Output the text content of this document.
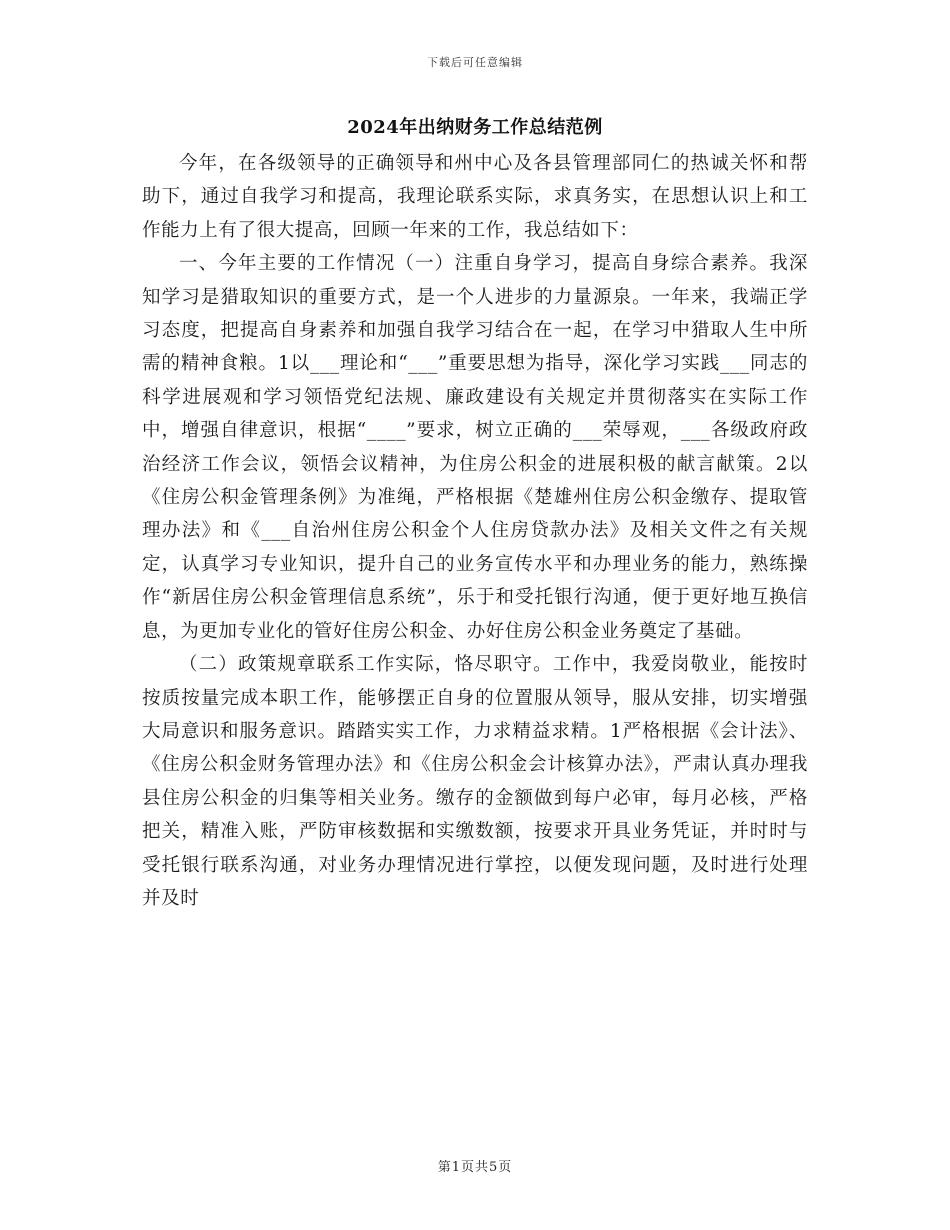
下载后可任意编辑
2024年出纳财务工作总结范例

今年，在各级领导的正确领导和州中心及各县管理部同仁的热诚关怀和帮助下，通过自我学习和提高，我理论联系实际，求真务实，在思想认识上和工作能力上有了很大提高，回顾一年来的工作，我总结如下：

一、今年主要的工作情况（一）注重自身学习，提高自身综合素养。我深知学习是猎取知识的重要方式，是一个人进步的力量源泉。一年来，我端正学习态度，把提高自身素养和加强自我学习结合在一起，在学习中猎取人生中所需的精神食粮。1以___理论和“___”重要思想为指导，深化学习实践___同志的科学进展观和学习领悟党纪法规、廉政建设有关规定并贯彻落实在实际工作中，增强自律意识，根据“____”要求，树立正确的___荣辱观，___各级政府政治经济工作会议，领悟会议精神，为住房公积金的进展积极的献言献策。2以《住房公积金管理条例》为准绳，严格根据《楚雄州住房公积金缴存、提取管理办法》和《___自治州住房公积金个人住房贷款办法》及相关文件之有关规定，认真学习专业知识，提升自己的业务宣传水平和办理业务的能力，熟练操作“新居住房公积金管理信息系统”，乐于和受托银行沟通，便于更好地互换信息，为更加专业化的管好住房公积金、办好住房公积金业务奠定了基础。

（二）政策规章联系工作实际，恪尽职守。工作中，我爱岗敬业，能按时按质按量完成本职工作，能够摆正自身的位置服从领导，服从安排，切实增强大局意识和服务意识。踏踏实实工作，力求精益求精。1严格根据《会计法》、《住房公积金财务管理办法》和《住房公积金会计核算办法》，严肃认真办理我县住房公积金的归集等相关业务。缴存的金额做到每户必审，每月必核，严格把关，精准入账，严防审核数据和实缴数额，按要求开具业务凭证，并时时与受托银行联系沟通，对业务办理情况进行掌控，以便发现问题，及时进行处理并及时

第1页共5页
